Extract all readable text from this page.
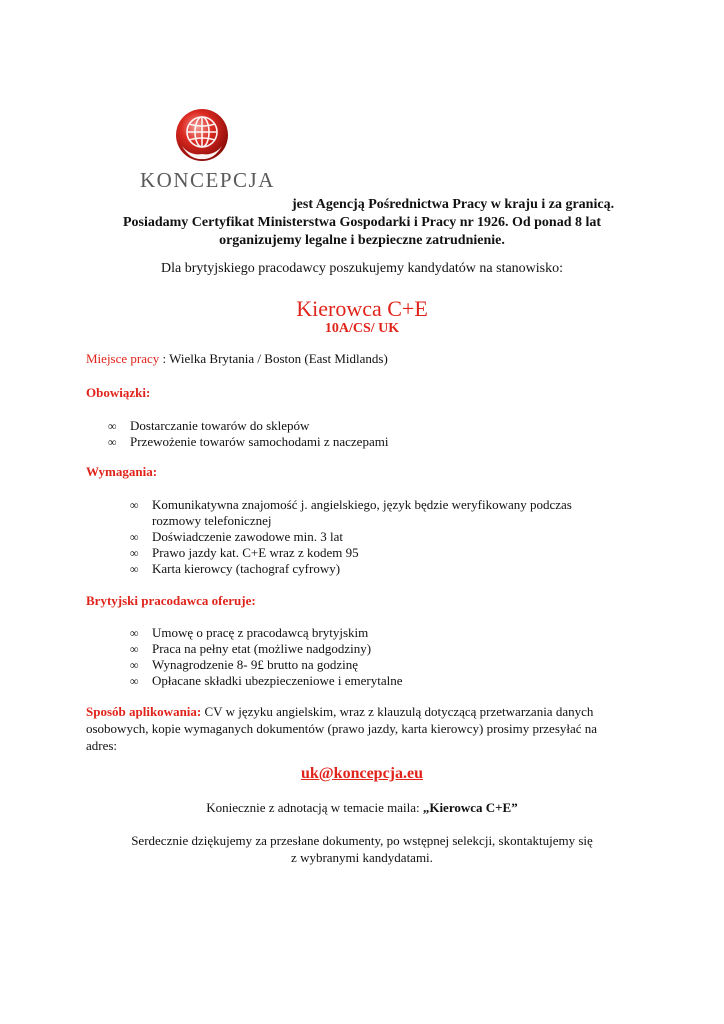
KONCEPCJA
jest Agencją Pośrednictwa Pracy w kraju i za granicą.
Posiadamy Certyfikat Ministerstwa Gospodarki i Pracy nr 1926. Od ponad 8 lat
organizujemy legalne i bezpieczne zatrudnienie.
Dla brytyjskiego pracodawcy poszukujemy kandydatów na stanowisko:
Kierowca C+E
10A/CS/ UK
Miejsce pracy : Wielka Brytania / Boston (East Midlands)
Obowiązki:
∞ Dostarczanie towarów do sklepów
∞ Przewożenie towarów samochodami z naczepami
Wymagania:
∞ Komunikatywna znajomość j. angielskiego, język będzie weryfikowany podczas
rozmowy telefonicznej
∞ Doświadczenie zawodowe min. 3 lat
∞ Prawo jazdy kat. C+E wraz z kodem 95
∞ Karta kierowcy (tachograf cyfrowy)
Brytyjski pracodawca oferuje:
∞ Umowę o pracę z pracodawcą brytyjskim
∞ Praca na pełny etat (możliwe nadgodziny)
∞ Wynagrodzenie 8- 9£ brutto na godzinę
∞ Opłacane składki ubezpieczeniowe i emerytalne
Sposób aplikowania: CV w języku angielskim, wraz z klauzulą dotyczącą przetwarzania danych
osobowych, kopie wymaganych dokumentów (prawo jazdy, karta kierowcy) prosimy przesyłać na
adres:
uk@koncepcja.eu
Koniecznie z adnotacją w temacie maila: „Kierowca C+E”
Serdecznie dziękujemy za przesłane dokumenty, po wstępnej selekcji, skontaktujemy się
z wybranymi kandydatami.
